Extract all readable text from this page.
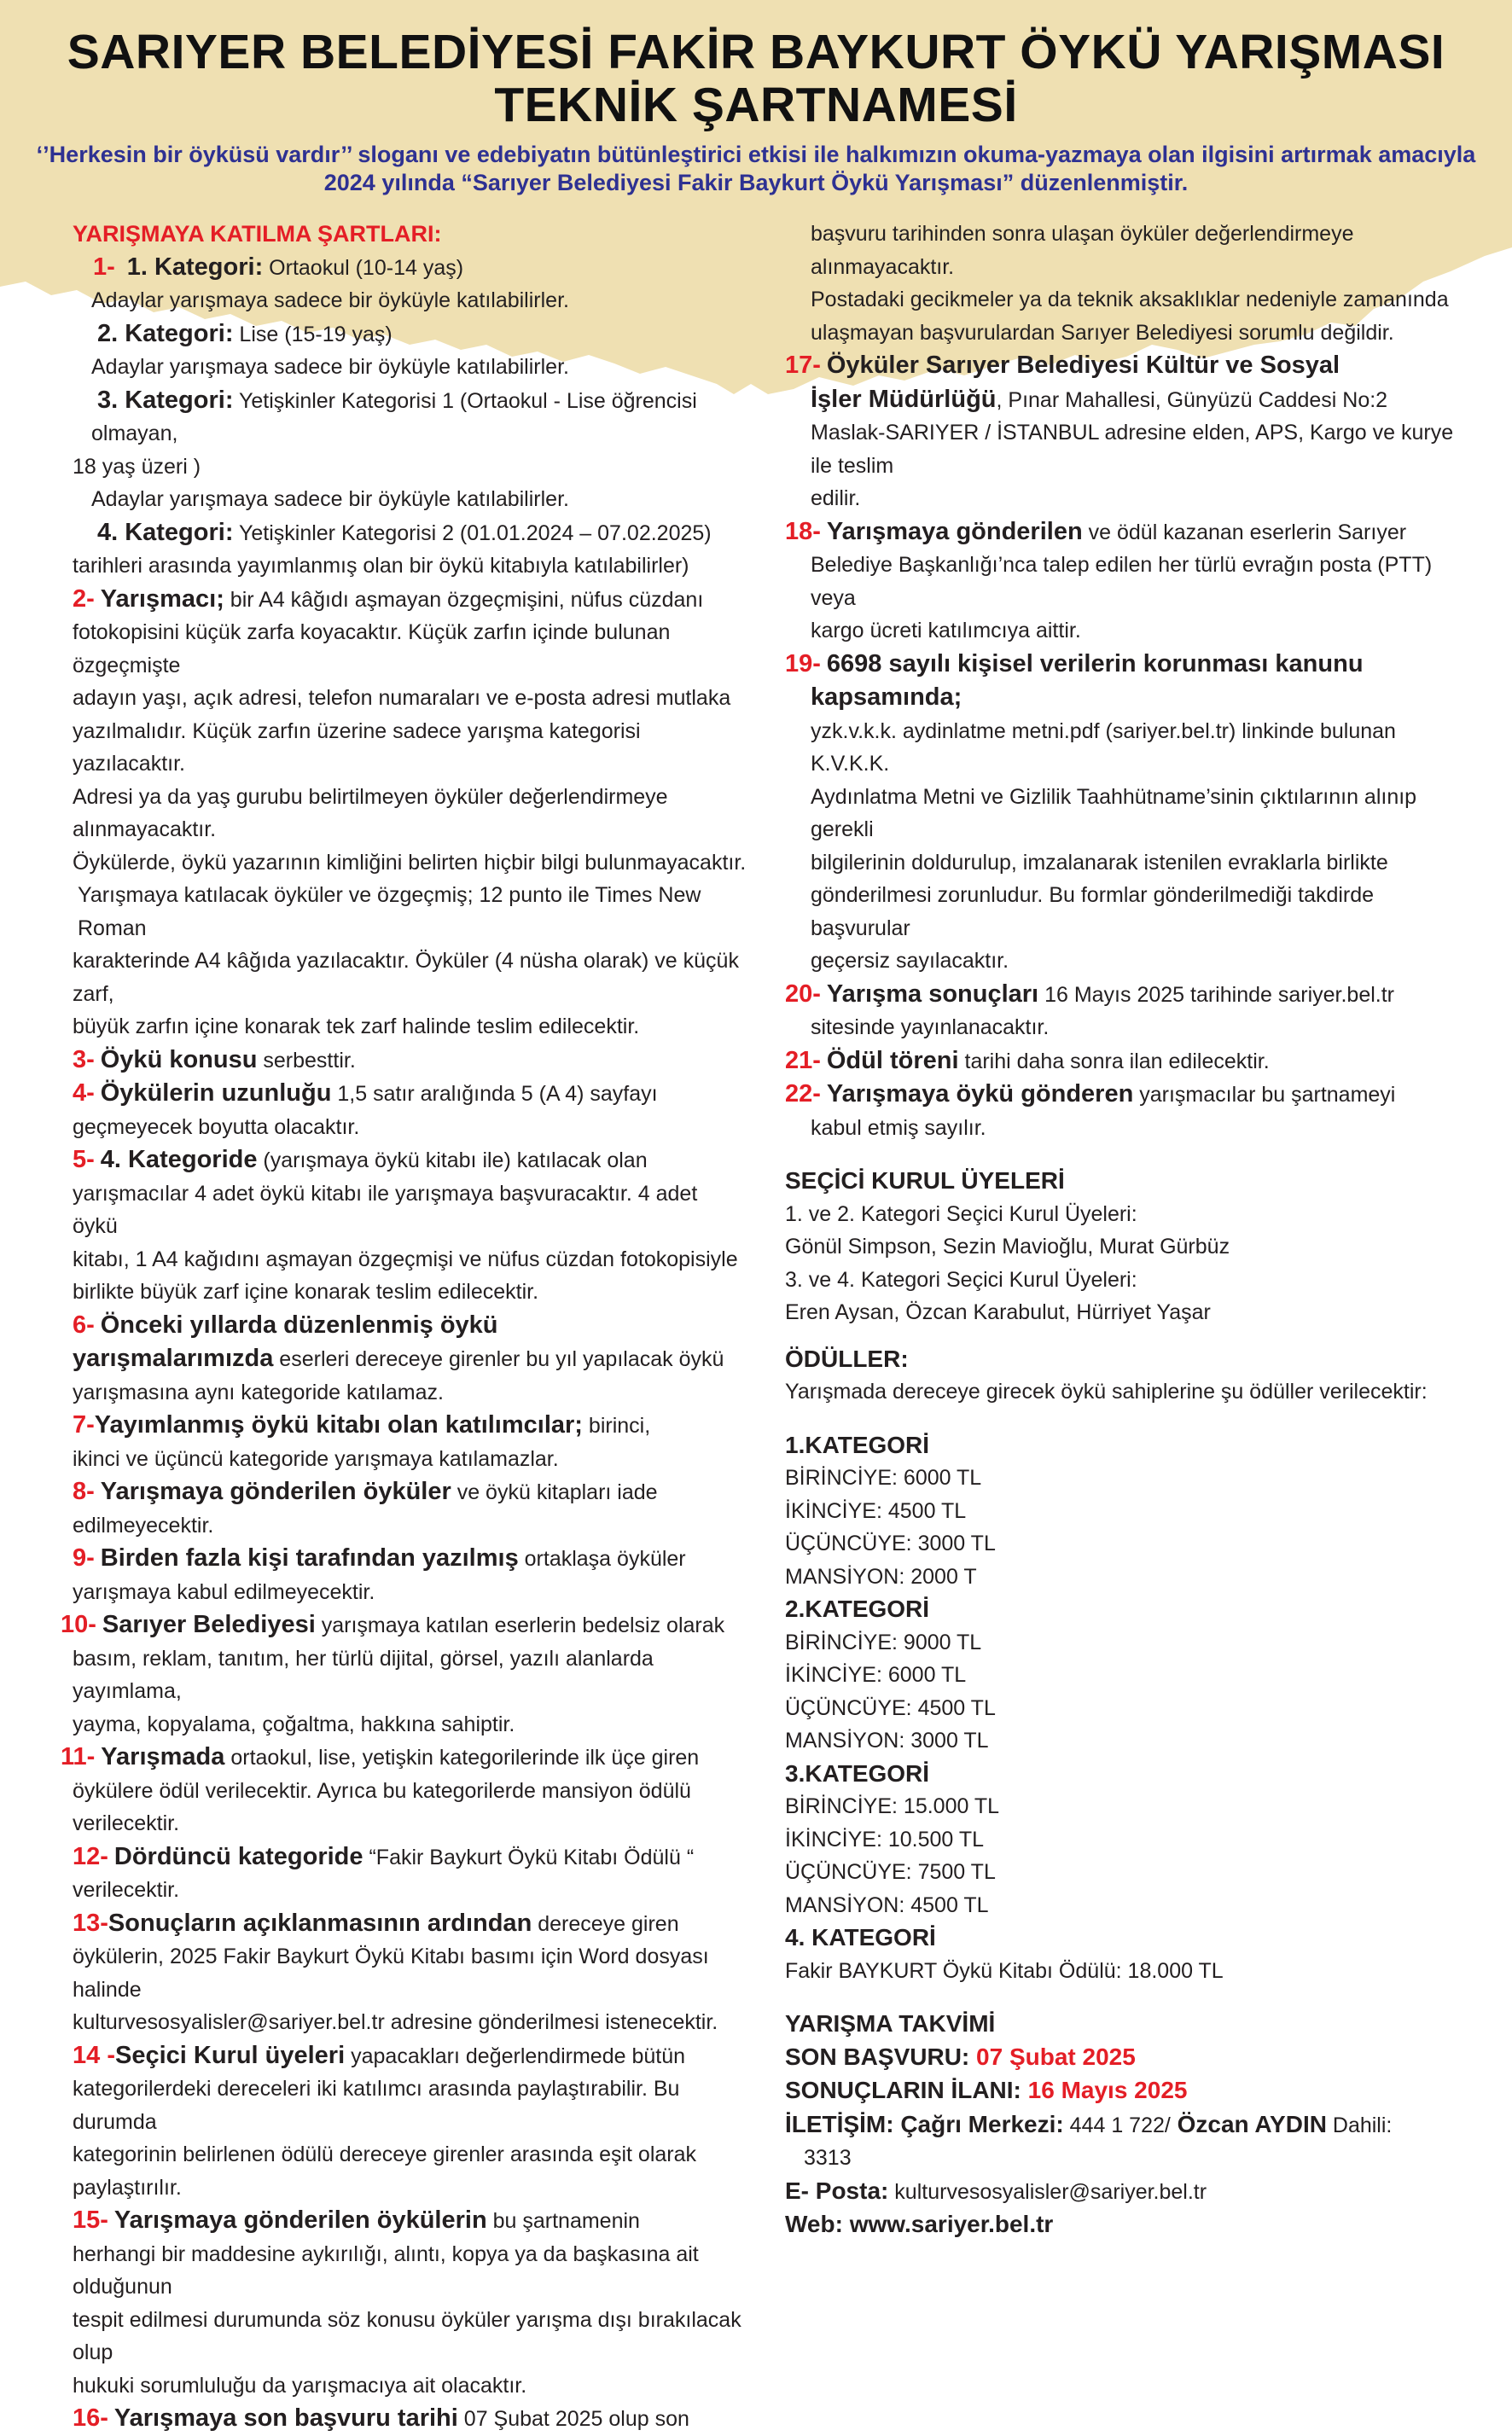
SARIYER BELEDİYESİ FAKİR BAYKURT ÖYKÜ YARIŞMASI
TEKNİK ŞARTNAMESİ
‘’Herkesin bir öyküsü vardır’’ sloganı ve edebiyatın bütünleştirici etkisi ile halkımızın okuma-yazmaya olan ilgisini artırmak amacıyla 2024 yılında “Sarıyer Belediyesi Fakir Baykurt Öykü Yarışması” düzenlenmiştir.

YARIŞMAYA KATILMA ŞARTLARI:

1- 1. Kategori: Ortaokul (10-14 yaş)

Adaylar yarışmaya sadece bir öyküyle katılabilirler.

2. Kategori: Lise (15-19 yaş)

Adaylar yarışmaya sadece bir öyküyle katılabilirler.

3. Kategori: Yetişkinler Kategorisi 1 (Ortaokul - Lise öğrencisi olmayan,

18 yaş üzeri )

Adaylar yarışmaya sadece bir öyküyle katılabilirler.

4. Kategori: Yetişkinler Kategorisi 2 (01.01.2024 – 07.02.2025)

tarihleri arasında yayımlanmış olan bir öykü kitabıyla katılabilirler)

2- Yarışmacı; bir A4 kâğıdı aşmayan özgeçmişini, nüfus cüzdanı

fotokopisini küçük zarfa koyacaktır. Küçük zarfın içinde bulunan özgeçmişte

adayın yaşı, açık adresi, telefon numaraları ve e-posta adresi mutlaka

yazılmalıdır. Küçük zarfın üzerine sadece yarışma kategorisi yazılacaktır.

Adresi ya da yaş gurubu belirtilmeyen öyküler değerlendirmeye

alınmayacaktır.

Öykülerde, öykü yazarının kimliğini belirten hiçbir bilgi bulunmayacaktır.

Yarışmaya katılacak öyküler ve özgeçmiş; 12 punto ile Times New Roman

karakterinde A4 kâğıda yazılacaktır. Öyküler (4 nüsha olarak) ve küçük zarf,

büyük zarfın içine konarak tek zarf halinde teslim edilecektir.

3- Öykü konusu serbesttir.

4- Öykülerin uzunluğu 1,5 satır aralığında 5 (A 4) sayfayı

geçmeyecek boyutta olacaktır.

5- 4. Kategoride (yarışmaya öykü kitabı ile) katılacak olan

yarışmacılar 4 adet öykü kitabı ile yarışmaya başvuracaktır. 4 adet öykü

kitabı, 1 A4 kağıdını aşmayan özgeçmişi ve nüfus cüzdan fotokopisiyle

birlikte büyük zarf içine konarak teslim edilecektir.

6- Önceki yıllarda düzenlenmiş öykü

yarışmalarımızda eserleri dereceye girenler bu yıl yapılacak öykü

yarışmasına aynı kategoride katılamaz.

7-Yayımlanmış öykü kitabı olan katılımcılar; birinci,

ikinci ve üçüncü kategoride yarışmaya katılamazlar.

8- Yarışmaya gönderilen öyküler ve öykü kitapları iade

edilmeyecektir.

9- Birden fazla kişi tarafından yazılmış ortaklaşa öyküler

yarışmaya kabul edilmeyecektir.

10- Sarıyer Belediyesi yarışmaya katılan eserlerin bedelsiz olarak

basım, reklam, tanıtım, her türlü dijital, görsel, yazılı alanlarda yayımlama,

yayma, kopyalama, çoğaltma, hakkına sahiptir.

11- Yarışmada ortaokul, lise, yetişkin kategorilerinde ilk üçe giren

öykülere ödül verilecektir. Ayrıca bu kategorilerde mansiyon ödülü

verilecektir.

12- Dördüncü kategoride “Fakir Baykurt Öykü Kitabı Ödülü “

verilecektir.

13-Sonuçların açıklanmasının ardından dereceye giren

öykülerin, 2025 Fakir Baykurt Öykü Kitabı basımı için Word dosyası halinde

kulturvesosyalisler@sariyer.bel.tr adresine gönderilmesi istenecektir.

14 -Seçici Kurul üyeleri yapacakları değerlendirmede bütün

kategorilerdeki dereceleri iki katılımcı arasında paylaştırabilir. Bu durumda

kategorinin belirlenen ödülü dereceye girenler arasında eşit olarak

paylaştırılır.

15- Yarışmaya gönderilen öykülerin bu şartnamenin

herhangi bir maddesine aykırılığı, alıntı, kopya ya da başkasına ait olduğunun

tespit edilmesi durumunda söz konusu öyküler yarışma dışı bırakılacak olup

hukuki sorumluluğu da yarışmacıya ait olacaktır.

16- Yarışmaya son başvuru tarihi 07 Şubat 2025 olup son

başvuru tarihinden sonra ulaşan öyküler değerlendirmeye alınmayacaktır.

Postadaki gecikmeler ya da teknik aksaklıklar nedeniyle zamanında

ulaşmayan başvurulardan Sarıyer Belediyesi sorumlu değildir.

17- Öyküler Sarıyer Belediyesi Kültür ve Sosyal

İşler Müdürlüğü, Pınar Mahallesi, Günyüzü Caddesi No:2

Maslak-SARIYER / İSTANBUL adresine elden, APS, Kargo ve kurye ile teslim

edilir.

18- Yarışmaya gönderilen ve ödül kazanan eserlerin Sarıyer

Belediye Başkanlığı’nca talep edilen her türlü evrağın posta (PTT) veya

kargo ücreti katılımcıya aittir.

19- 6698 sayılı kişisel verilerin korunması kanunu

kapsamında;

yzk.v.k.k. aydinlatme metni.pdf (sariyer.bel.tr) linkinde bulunan K.V.K.K.

Aydınlatma Metni ve Gizlilik Taahhütname’sinin çıktılarının alınıp gerekli

bilgilerinin doldurulup, imzalanarak istenilen evraklarla birlikte

gönderilmesi zorunludur. Bu formlar gönderilmediği takdirde başvurular

geçersiz sayılacaktır.

20- Yarışma sonuçları 16 Mayıs 2025 tarihinde sariyer.bel.tr

sitesinde yayınlanacaktır.

21- Ödül töreni tarihi daha sonra ilan edilecektir.

22- Yarışmaya öykü gönderen yarışmacılar bu şartnameyi

kabul etmiş sayılır.

SEÇİCİ KURUL ÜYELERİ

1. ve 2. Kategori Seçici Kurul Üyeleri:

Gönül Simpson, Sezin Mavioğlu, Murat Gürbüz

3. ve 4. Kategori Seçici Kurul Üyeleri:

Eren Aysan, Özcan Karabulut, Hürriyet Yaşar

ÖDÜLLER:

Yarışmada dereceye girecek öykü sahiplerine şu ödüller verilecektir:

1.KATEGORİ

BİRİNCİYE: 6000 TL

İKİNCİYE: 4500 TL

ÜÇÜNCÜYE: 3000 TL

MANSİYON: 2000 T

2.KATEGORİ

BİRİNCİYE: 9000 TL

İKİNCİYE: 6000 TL

ÜÇÜNCÜYE: 4500 TL

MANSİYON: 3000 TL

3.KATEGORİ

BİRİNCİYE: 15.000 TL

İKİNCİYE: 10.500 TL

ÜÇÜNCÜYE: 7500 TL

MANSİYON: 4500 TL

4. KATEGORİ

Fakir BAYKURT Öykü Kitabı Ödülü: 18.000 TL

YARIŞMA TAKVİMİ

SON BAŞVURU: 07 Şubat 2025

SONUÇLARIN İLANI: 16 Mayıs 2025

İLETİŞİM: Çağrı Merkezi: 444 1 722/ Özcan AYDIN Dahili:

3313

E- Posta: kulturvesosyalisler@sariyer.bel.tr

Web: www.sariyer.bel.tr
